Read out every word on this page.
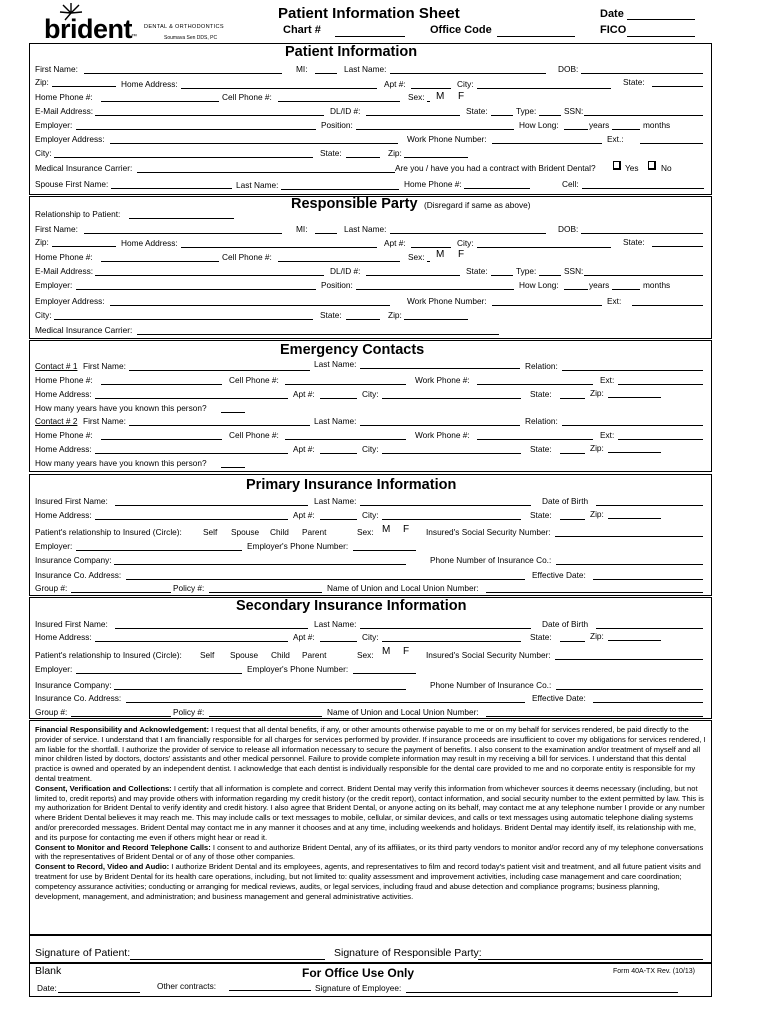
brident ™
DENTAL & ORTHODONTICS
Soumava Sen DDS, PC
Patient Information Sheet
Chart #	Office Code
Date
FICO
Patient Information
First Name:	MI:	Last Name:	DOB:
Zip:	Home Address:	Apt #:	City:	State:
Home Phone #:	Cell Phone #:	Sex: M F
E-Mail Address:	DL/ID #:	State:	Type:	SSN:
Employer:	Position:	How Long:	years	months
Employer Address:	Work Phone Number:	Ext.:
City:	State:	Zip:
Medical Insurance Carrier:	Are you / have you had a contract with Brident Dental?	Yes	No
Spouse First Name:	Last Name:	Home Phone #:	Cell:
Responsible Party (Disregard if same as above)
Relationship to Patient:
First Name:	MI:	Last Name:	DOB:
Zip:	Home Address:	Apt #:	City:	State:
Home Phone #:	Cell Phone #:	Sex: M F
E-Mail Address:	DL/ID #:	State:	Type:	SSN:
Employer:	Position:	How Long:	years	months
Employer Address:	Work Phone Number:	Ext:
City:	State:	Zip:
Medical Insurance Carrier:
Emergency Contacts
Contact # 1 First Name:	Last Name:	Relation:
Home Phone #:	Cell Phone #:	Work Phone #:	Ext:
Home Address:	Apt #:	City:	State:	Zip:
How many years have you known this person?
Contact # 2 First Name:	Last Name:	Relation:
Home Phone #:	Cell Phone #:	Work Phone #:	Ext:
Home Address:	Apt #:	City:	State:	Zip:
How many years have you known this person?
Primary Insurance Information
Insured First Name:	Last Name:	Date of Birth
Home Address:	Apt #:	City:	State:	Zip:
Patient's relationship to Insured (Circle):	Self Spouse Child Parent	Sex: M F Insured's Social Security Number:
Employer:	Employer's Phone Number:
Insurance Company:	Phone Number of Insurance Co.:
Insurance Co. Address:	Effective Date:
Group #:	Policy #:	Name of Union and Local Union Number:
Secondary Insurance Information
Insured First Name:	Last Name:	Date of Birth
Home Address:	Apt #:	City:	State:	Zip:
Patient's relationship to Insured (Circle): Self Spouse Child Parent	Sex: M F Insured's Social Security Number:
Employer:	Employer's Phone Number:
Insurance Company:	Phone Number of Insurance Co.:
Insurance Co. Address:	Effective Date:
Group #:	Policy #:	Name of Union and Local Union Number:
Financial Responsibility and Acknowledgement: I request that all dental benefits, if any, or other amounts otherwise payable to me or on my behalf for services rendered, be paid directly to the provider of service. I understand that I am financially responsible for all charges for services performed by provider. If insurance proceeds are insufficient to cover my obligations for services rendered, I am liable for the shortfall. I authorize the provider of service to release all information necessary to secure the payment of benefits. I also consent to the examination and/or treatment of myself and all minor children listed by doctors, doctors' assistants and other medical personnel. Failure to provide complete information may result in my receiving a bill for services. I understand that this dental practice is owned and operated by an independent dentist. I acknowledge that each dentist is individually responsible for the dental care provided to me and no corporate entity is responsible for my dental treatment.
Consent, Verification and Collections: I certify that all information is complete and correct. Brident Dental may verify this information from whichever sources it deems necessary (including, but not limited to, credit reports) and may provide others with information regarding my credit history (or the credit report), contact information, and social security number to the extent permitted by law. This is my authorization for Brident Dental to verify identity and credit history. I also agree that Brident Dental, or anyone acting on its behalf, may contact me at any telephone number I provide or any number where Brident Dental believes it may reach me. This may include calls or text messages to mobile, cellular, or similar devices, and calls or text messages using automatic telephone dialing systems and/or prerecorded messages. Brident Dental may contact me in any manner it chooses and at any time, including weekends and holidays. Brident Dental may identify itself, its relationship with me, and its purpose for contacting me even if others might hear or read it.
Consent to Monitor and Record Telephone Calls: I consent to and authorize Brident Dental, any of its affiliates, or its third party vendors to monitor and/or record any of my telephone conversations with the representatives of Brident Dental or of any of those other companies.
Consent to Record, Video and Audio: I authorize Brident Dental and its employees, agents, and representatives to film and record today's patient visit and treatment, and all future patient visits and treatment for use by Brident Dental for its health care operations, including, but not limited to: quality assessment and improvement activities, including case management and care coordination; competency assurance activities; conducting or arranging for medical reviews, audits, or legal services, including fraud and abuse detection and compliance programs; business planning, development, management, and administration; and business management and general administrative activities.
Signature of Patient:	Signature of Responsible Party:
Blank	For Office Use Only	Form 40A-TX Rev. (10/13)
Date:	Other contracts:	Signature of Employee:
